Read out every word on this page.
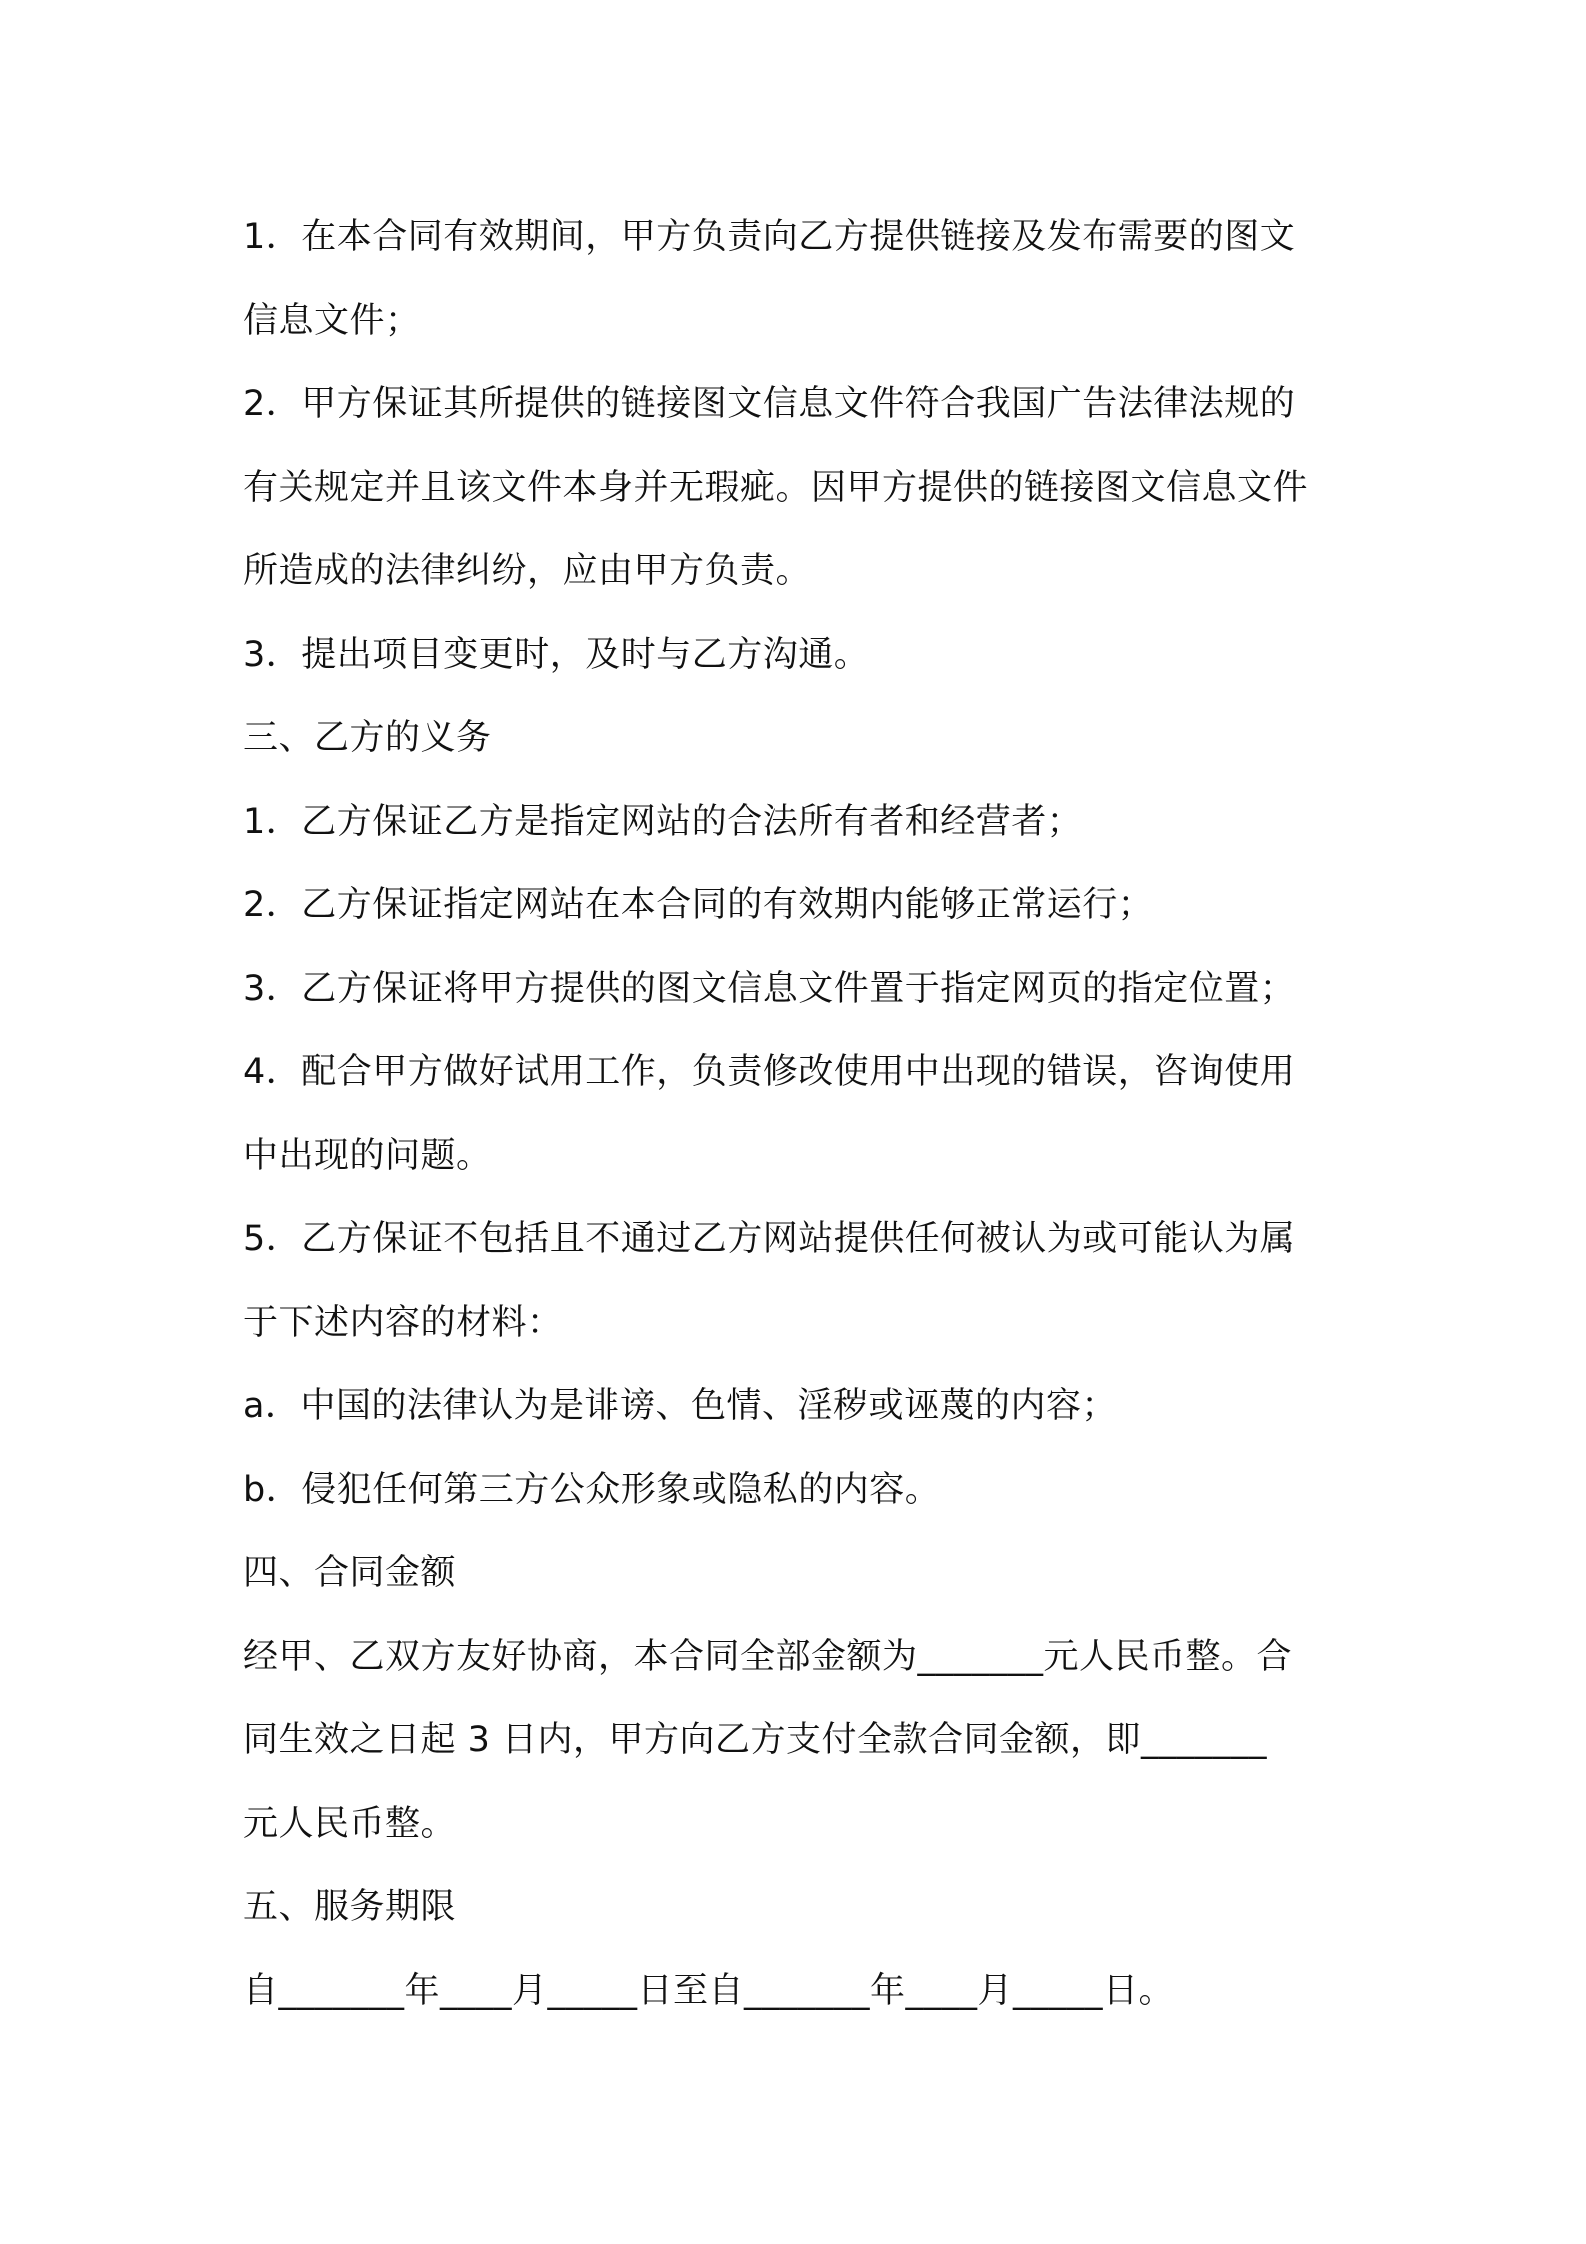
1．在本合同有效期间，甲方负责向乙方提供链接及发布需要的图文
信息文件；
2．甲方保证其所提供的链接图文信息文件符合我国广告法律法规的
有关规定并且该文件本身并无瑕疵。因甲方提供的链接图文信息文件
所造成的法律纠纷，应由甲方负责。
3．提出项目变更时，及时与乙方沟通。
三、乙方的义务
1．乙方保证乙方是指定网站的合法所有者和经营者；
2．乙方保证指定网站在本合同的有效期内能够正常运行；
3．乙方保证将甲方提供的图文信息文件置于指定网页的指定位置；
4．配合甲方做好试用工作，负责修改使用中出现的错误，咨询使用
中出现的问题。
5．乙方保证不包括且不通过乙方网站提供任何被认为或可能认为属
于下述内容的材料：
a．中国的法律认为是诽谤、色情、淫秽或诬蔑的内容；
b．侵犯任何第三方公众形象或隐私的内容。
四、合同金额
经甲、乙双方友好协商，本合同全部金额为_______元人民币整。合
同生效之日起 3 日内，甲方向乙方支付全款合同金额，即_______
元人民币整。
五、服务期限
自_______年____月_____日至自_______年____月_____日。
